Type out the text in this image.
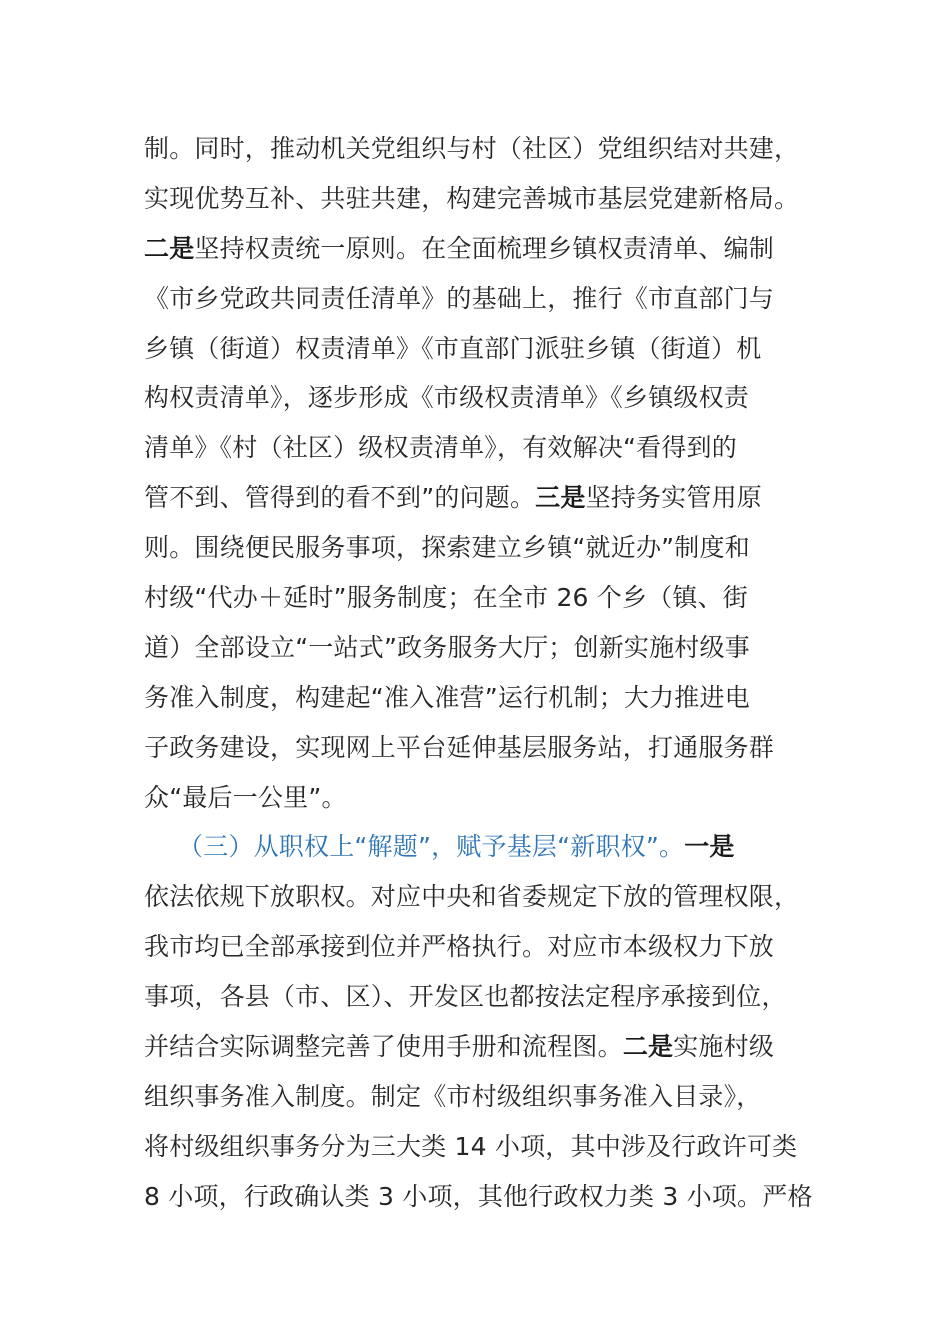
制。同时，推动机关党组织与村（社区）党组织结对共建，
实现优势互补、共驻共建，构建完善城市基层党建新格局。
二是坚持权责统一原则。在全面梳理乡镇权责清单、编制
《市乡党政共同责任清单》的基础上，推行《市直部门与
乡镇（街道）权责清单》《市直部门派驻乡镇（街道）机
构权责清单》，逐步形成《市级权责清单》《乡镇级权责
清单》《村（社区）级权责清单》，有效解决“看得到的
管不到、管得到的看不到”的问题。三是坚持务实管用原
则。围绕便民服务事项，探索建立乡镇“就近办”制度和
村级“代办＋延时”服务制度；在全市 26 个乡（镇、街
道）全部设立“一站式”政务服务大厅；创新实施村级事
务准入制度，构建起“准入准营”运行机制；大力推进电
子政务建设，实现网上平台延伸基层服务站，打通服务群
众“最后一公里”。
（三）从职权上“解题”，赋予基层“新职权”。一是
依法依规下放职权。对应中央和省委规定下放的管理权限，
我市均已全部承接到位并严格执行。对应市本级权力下放
事项，各县（市、区）、开发区也都按法定程序承接到位，
并结合实际调整完善了使用手册和流程图。二是实施村级
组织事务准入制度。制定《市村级组织事务准入目录》，
将村级组织事务分为三大类 14 小项，其中涉及行政许可类
8 小项，行政确认类 3 小项，其他行政权力类 3 小项。严格
